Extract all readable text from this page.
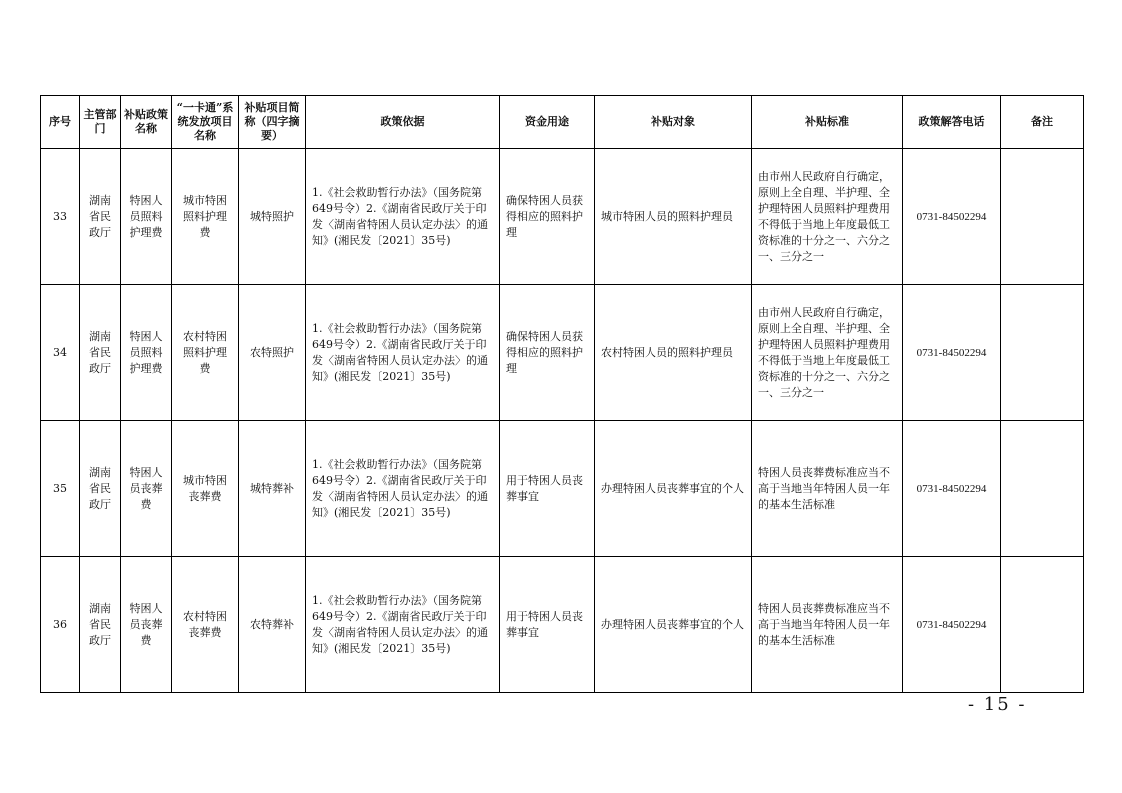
序号	主管部门	补贴政策名称	“一卡通”系统发放项目名称	补贴项目简称（四字摘要）	政策依据	资金用途	补贴对象	补贴标准	政策解答电话	备注
33	湖南省民政厅	特困人员照料护理费	城市特困照料护理费	城特照护	1.《社会救助暂行办法》（国务院第649号令）2.《湖南省民政厅关于印发〈湖南省特困人员认定办法〉的通知》(湘民发〔2021〕35号)	确保特困人员获得相应的照料护理	城市特困人员的照料护理员	由市州人民政府自行确定，原则上全自理、半护理、全护理特困人员照料护理费用不得低于当地上年度最低工资标准的十分之一、六分之一、三分之一	0731-84502294	
34	湖南省民政厅	特困人员照料护理费	农村特困照料护理费	农特照护	1.《社会救助暂行办法》（国务院第649号令）2.《湖南省民政厅关于印发〈湖南省特困人员认定办法〉的通知》(湘民发〔2021〕35号)	确保特困人员获得相应的照料护理	农村特困人员的照料护理员	由市州人民政府自行确定，原则上全自理、半护理、全护理特困人员照料护理费用不得低于当地上年度最低工资标准的十分之一、六分之一、三分之一	0731-84502294	
35	湖南省民政厅	特困人员丧葬费	城市特困丧葬费	城特葬补	1.《社会救助暂行办法》（国务院第649号令）2.《湖南省民政厅关于印发〈湖南省特困人员认定办法〉的通知》(湘民发〔2021〕35号)	用于特困人员丧葬事宜	办理特困人员丧葬事宜的个人	特困人员丧葬费标准应当不高于当地当年特困人员一年的基本生活标准	0731-84502294	
36	湖南省民政厅	特困人员丧葬费	农村特困丧葬费	农特葬补	1.《社会救助暂行办法》（国务院第649号令）2.《湖南省民政厅关于印发〈湖南省特困人员认定办法〉的通知》(湘民发〔2021〕35号)	用于特困人员丧葬事宜	办理特困人员丧葬事宜的个人	特困人员丧葬费标准应当不高于当地当年特困人员一年的基本生活标准	0731-84502294	
- 15 -
